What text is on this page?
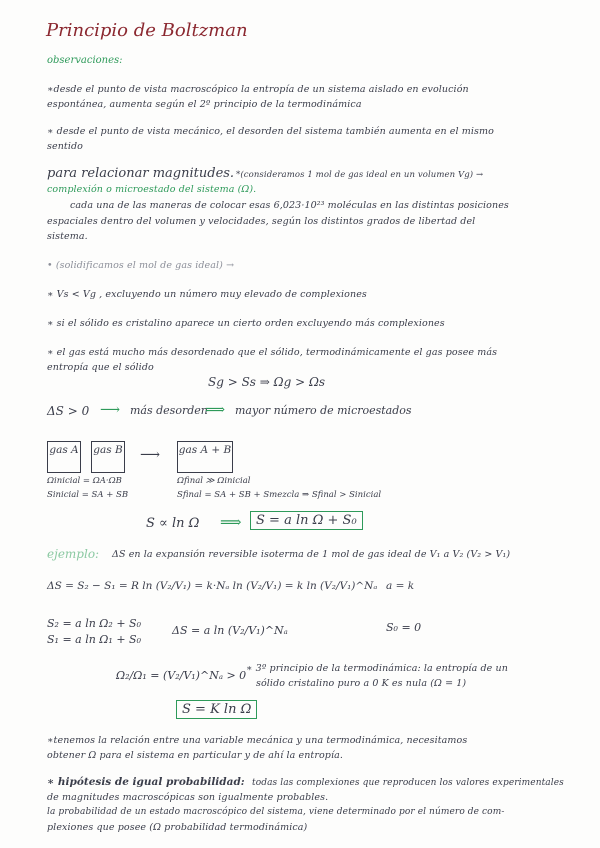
Principio de Boltzman
observaciones:
∗desde el punto de vista macroscópico la entropía de un sistema aislado en evolución
espontánea, aumenta según el 2º principio de la termodinámica
∗ desde el punto de vista mecánico, el desorden del sistema también aumenta en el mismo
sentido
para relacionar magnitudes. *(consideramos 1 mol de gas ideal en un volumen Vg) →
complexión o microestado del sistema (Ω).
cada una de las maneras de colocar esas 6,023·10²³ moléculas en las distintas posiciones
espaciales dentro del volumen y velocidades, según los distintos grados de libertad del
sistema.
• (solidificamos el mol de gas ideal) →
∗ Vs < Vg , excluyendo un número muy elevado de complexiones
∗ si el sólido es cristalino aparece un cierto orden excluyendo más complexiones
∗ el gas está mucho más desordenado que el sólido, termodinámicamente el gas posee más
entropía que el sólido
Sg > Ss ⇒ Ωg > Ωs
ΔS > 0 ⟶ más desorden
⟹ mayor número de microestados
gas A gas B ⟶ gas A + B
Ωinicial = ΩA·ΩB
Sinicial = SA + SB
Ωfinal ≫ Ωinicial
Sfinal = SA + SB + Smezcla ⇒ Sfinal > Sinicial
S ∝ ln Ω ⟹	S = a ln Ω + S₀
ejemplo: ΔS en la expansión reversible isoterma de 1 mol de gas ideal de V₁ a V₂ (V₂ > V₁)
ΔS = S₂ − S₁ = R ln (V₂/V₁) = k·Nₐ ln (V₂/V₁) = k ln (V₂/V₁)^Nₐ a = k
S₂ = a ln Ω₂ + S₀
S₁ = a ln Ω₁ + S₀
ΔS = a ln (V₂/V₁)^Nₐ	S₀ = 0
Ω₂/Ω₁ = (V₂/V₁)^Nₐ > 0
∗ 3º principio de la termodinámica: la entropía de un
sólido cristalino puro a 0 K es nula (Ω = 1)
S = K ln Ω
∗tenemos la relación entre una variable mecánica y una termodinámica, necesitamos
obtener Ω para el sistema en particular y de ahí la entropía.
∗ hipótesis de igual probabilidad: todas las complexiones que reproducen los valores experimentales
de magnitudes macroscópicas son igualmente probables.
la probabilidad de un estado macroscópico del sistema, viene determinado por el número de com-
plexiones que posee (Ω probabilidad termodinámica)
